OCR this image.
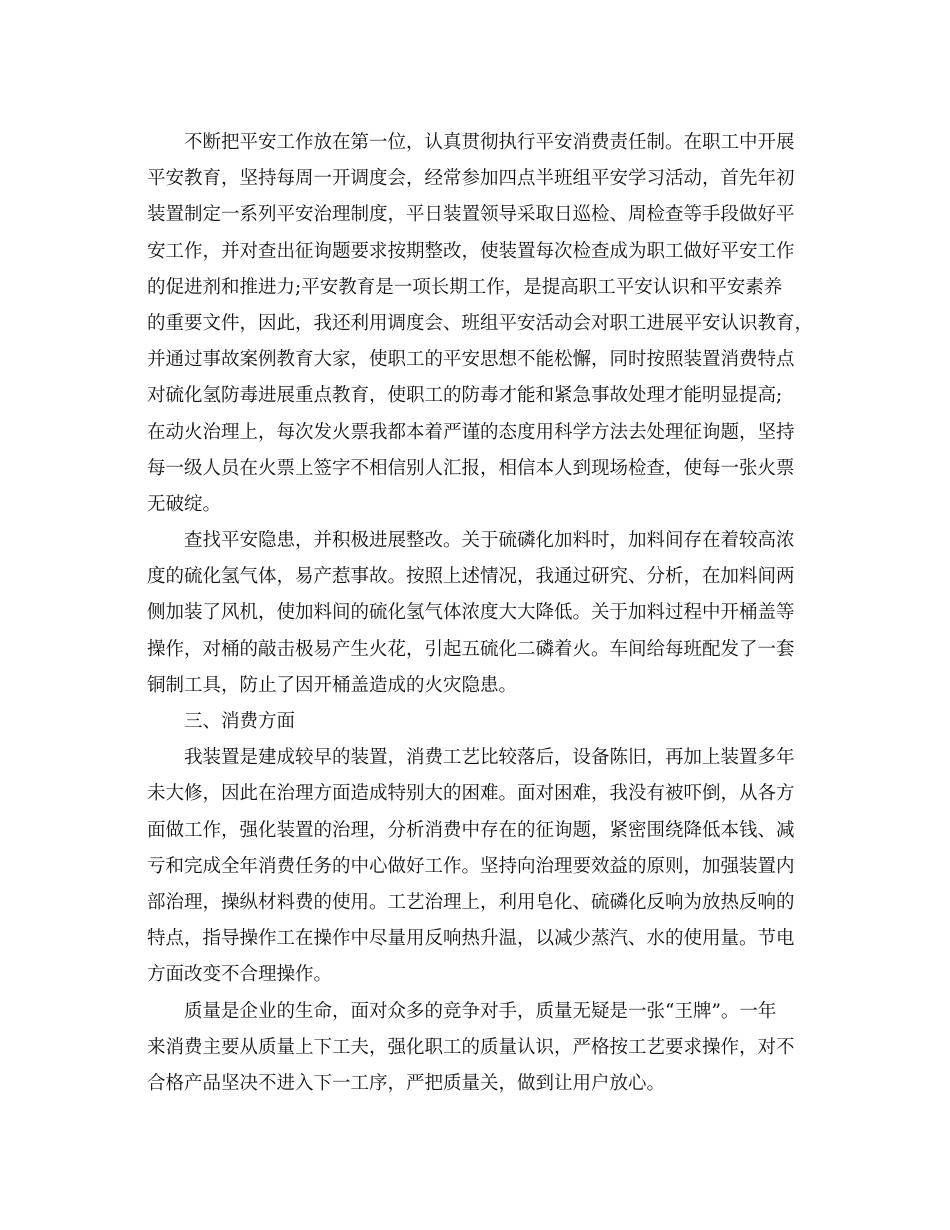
不断把平安工作放在第一位，认真贯彻执行平安消费责任制。在职工中开展
平安教育，坚持每周一开调度会，经常参加四点半班组平安学习活动，首先年初
装置制定一系列平安治理制度，平日装置领导采取日巡检、周检查等手段做好平
安工作，并对查出征询题要求按期整改，使装置每次检查成为职工做好平安工作
的促进剂和推进力;平安教育是一项长期工作，是提高职工平安认识和平安素养
的重要文件，因此，我还利用调度会、班组平安活动会对职工进展平安认识教育，
并通过事故案例教育大家，使职工的平安思想不能松懈，同时按照装置消费特点
对硫化氢防毒进展重点教育，使职工的防毒才能和紧急事故处理才能明显提高;
在动火治理上，每次发火票我都本着严谨的态度用科学方法去处理征询题，坚持
每一级人员在火票上签字不相信别人汇报，相信本人到现场检查，使每一张火票
无破绽。
查找平安隐患，并积极进展整改。关于硫磷化加料时，加料间存在着较高浓
度的硫化氢气体，易产惹事故。按照上述情况，我通过研究、分析，在加料间两
侧加装了风机，使加料间的硫化氢气体浓度大大降低。关于加料过程中开桶盖等
操作，对桶的敲击极易产生火花，引起五硫化二磷着火。车间给每班配发了一套
铜制工具，防止了因开桶盖造成的火灾隐患。
三、消费方面
我装置是建成较早的装置，消费工艺比较落后，设备陈旧，再加上装置多年
未大修，因此在治理方面造成特别大的困难。面对困难，我没有被吓倒，从各方
面做工作，强化装置的治理，分析消费中存在的征询题，紧密围绕降低本钱、减
亏和完成全年消费任务的中心做好工作。坚持向治理要效益的原则，加强装置内
部治理，操纵材料费的使用。工艺治理上，利用皂化、硫磷化反响为放热反响的
特点，指导操作工在操作中尽量用反响热升温，以减少蒸汽、水的使用量。节电
方面改变不合理操作。
质量是企业的生命，面对众多的竞争对手，质量无疑是一张“王牌”。一年
来消费主要从质量上下工夫，强化职工的质量认识，严格按工艺要求操作，对不
合格产品坚决不进入下一工序，严把质量关，做到让用户放心。
